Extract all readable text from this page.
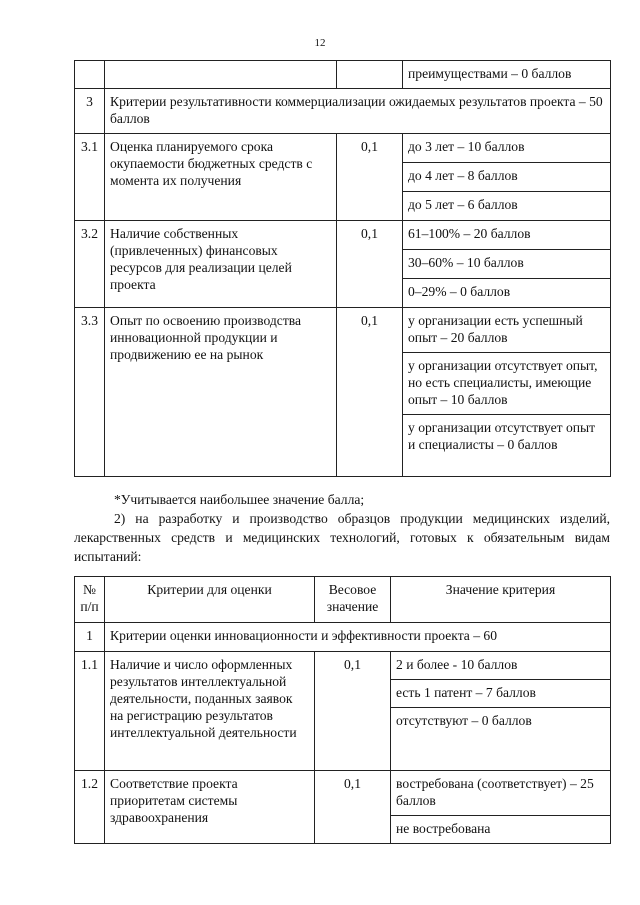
12
			преимуществами – 0 баллов
3	Критерии результативности коммерциализации ожидаемых результатов проекта – 50 баллов		
3.1	Оценка планируемого срока окупаемости бюджетных средств с момента их получения	0,1	до 3 лет – 10 баллов
			до 4 лет – 8 баллов
			до 5 лет – 6 баллов
3.2	Наличие собственных (привлеченных) финансовых ресурсов для реализации целей проекта	0,1	61–100% – 20 баллов
			30–60% – 10 баллов
			0–29% – 0 баллов
3.3	Опыт по освоению производства инновационной продукции и продвижению ее на рынок	0,1	у организации есть успешный опыт – 20 баллов
			у организации отсутствует опыт, но есть специалисты, имеющие опыт – 10 баллов
			у организации отсутствует опыт и специалисты – 0 баллов
*Учитывается наибольшее значение балла;
2) на разработку и производство образцов продукции медицинских изделий, лекарственных средств и медицинских технологий, готовых к обязательным видам испытаний:
№ п/п	Критерии для оценки	Весовое значение	Значение критерия
1	Критерии оценки инновационности и эффективности проекта – 60		
1.1	Наличие и число оформленных результатов интеллектуальной деятельности, поданных заявок на регистрацию результатов интеллектуальной деятельности	0,1	2 и более - 10 баллов
			есть 1 патент – 7 баллов
			отсутствуют – 0 баллов
1.2	Соответствие проекта приоритетам системы здравоохранения	0,1	востребована (соответствует) – 25 баллов
			не востребована
